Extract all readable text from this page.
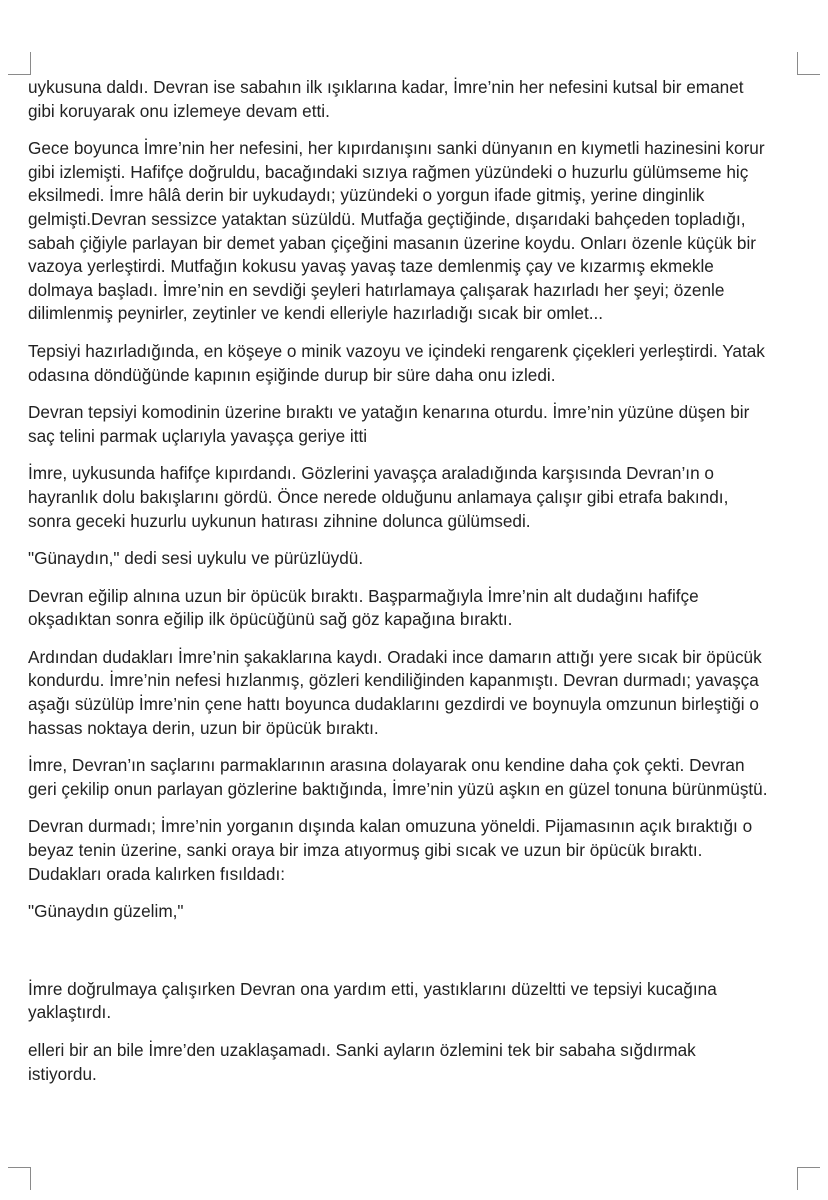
uykusuna daldı. Devran ise sabahın ilk ışıklarına kadar, İmre’nin her nefesini kutsal bir emanet
gibi koruyarak onu izlemeye devam etti.

Gece boyunca İmre’nin her nefesini, her kıpırdanışını sanki dünyanın en kıymetli hazinesini korur
gibi izlemişti. Hafifçe doğruldu, bacağındaki sızıya rağmen yüzündeki o huzurlu gülümseme hiç
eksilmedi. İmre hâlâ derin bir uykudaydı; yüzündeki o yorgun ifade gitmiş, yerine dinginlik
gelmişti.Devran sessizce yataktan süzüldü. Mutfağa geçtiğinde, dışarıdaki bahçeden topladığı,
sabah çiğiyle parlayan bir demet yaban çiçeğini masanın üzerine koydu. Onları özenle küçük bir
vazoya yerleştirdi. Mutfağın kokusu yavaş yavaş taze demlenmiş çay ve kızarmış ekmekle
dolmaya başladı. İmre’nin en sevdiği şeyleri hatırlamaya çalışarak hazırladı her şeyi; özenle
dilimlenmiş peynirler, zeytinler ve kendi elleriyle hazırladığı sıcak bir omlet...

Tepsiyi hazırladığında, en köşeye o minik vazoyu ve içindeki rengarenk çiçekleri yerleştirdi. Yatak
odasına döndüğünde kapının eşiğinde durup bir süre daha onu izledi.

Devran tepsiyi komodinin üzerine bıraktı ve yatağın kenarına oturdu. İmre’nin yüzüne düşen bir
saç telini parmak uçlarıyla yavaşça geriye itti

İmre, uykusunda hafifçe kıpırdandı. Gözlerini yavaşça araladığında karşısında Devran’ın o
hayranlık dolu bakışlarını gördü. Önce nerede olduğunu anlamaya çalışır gibi etrafa bakındı,
sonra geceki huzurlu uykunun hatırası zihnine dolunca gülümsedi.

"Günaydın," dedi sesi uykulu ve pürüzlüydü.

Devran eğilip alnına uzun bir öpücük bıraktı. Başparmağıyla İmre’nin alt dudağını hafifçe
okşadıktan sonra eğilip ilk öpücüğünü sağ göz kapağına bıraktı.

Ardından dudakları İmre’nin şakaklarına kaydı. Oradaki ince damarın attığı yere sıcak bir öpücük
kondurdu. İmre’nin nefesi hızlanmış, gözleri kendiliğinden kapanmıştı. Devran durmadı; yavaşça
aşağı süzülüp İmre’nin çene hattı boyunca dudaklarını gezdirdi ve boynuyla omzunun birleştiği o
hassas noktaya derin, uzun bir öpücük bıraktı.

İmre, Devran’ın saçlarını parmaklarının arasına dolayarak onu kendine daha çok çekti. Devran
geri çekilip onun parlayan gözlerine baktığında, İmre’nin yüzü aşkın en güzel tonuna bürünmüştü.

Devran durmadı; İmre’nin yorganın dışında kalan omuzuna yöneldi. Pijamasının açık bıraktığı o
beyaz tenin üzerine, sanki oraya bir imza atıyormuş gibi sıcak ve uzun bir öpücük bıraktı.
Dudakları orada kalırken fısıldadı:

"Günaydın güzelim,"

İmre doğrulmaya çalışırken Devran ona yardım etti, yastıklarını düzeltti ve tepsiyi kucağına
yaklaştırdı.

elleri bir an bile İmre’den uzaklaşamadı. Sanki ayların özlemini tek bir sabaha sığdırmak
istiyordu.
